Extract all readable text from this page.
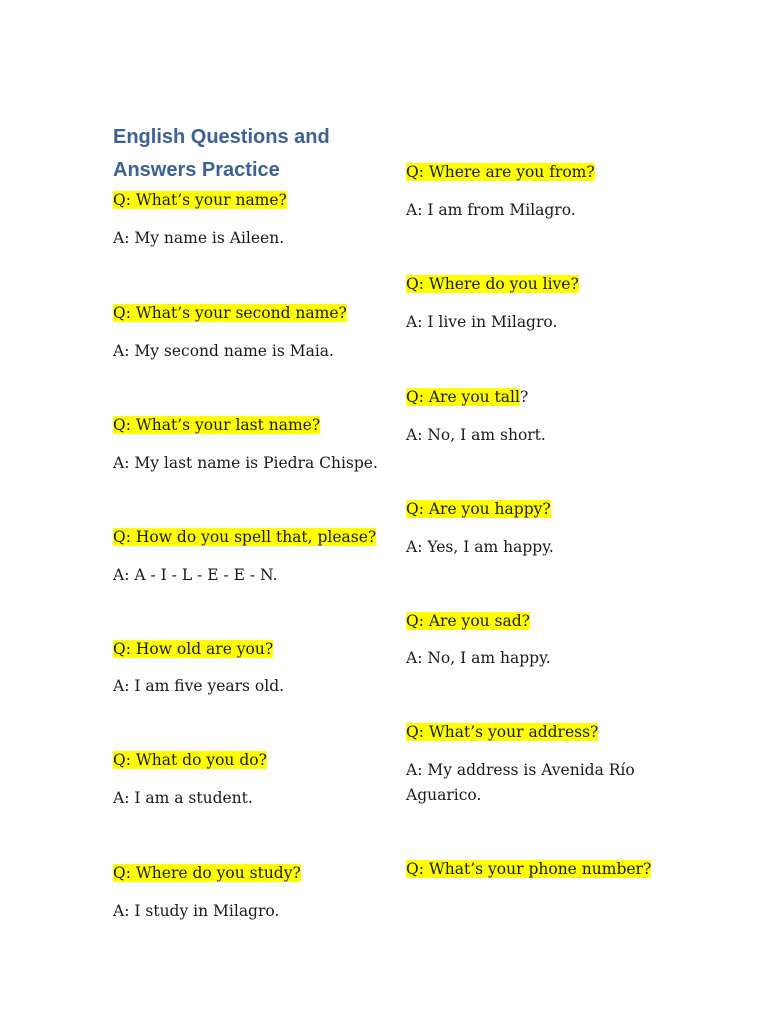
English Questions and Answers Practice
Q: What’s your name?
A: My name is Aileen.
Q: What’s your second name?
A: My second name is Maia.
Q: What’s your last name?
A: My last name is Piedra Chispe.
Q: How do you spell that, please?
A: A - I - L - E - E - N.
Q: How old are you?
A: I am five years old.
Q: What do you do?
A: I am a student.
Q: Where do you study?
A: I study in Milagro.
Q: Where are you from?
A: I am from Milagro.
Q: Where do you live?
A: I live in Milagro.
Q: Are you tall?
A: No, I am short.
Q: Are you happy?
A: Yes, I am happy.
Q: Are you sad?
A: No, I am happy.
Q: What’s your address?
A: My address is Avenida Río Aguarico.
Q: What’s your phone number?
